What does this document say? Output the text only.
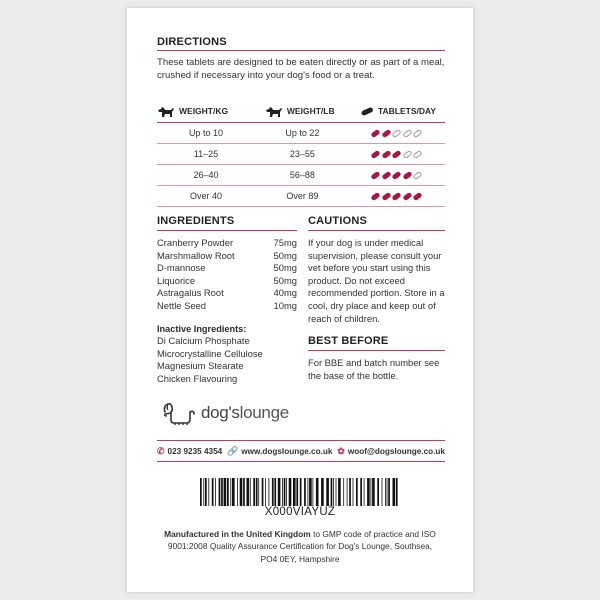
DIRECTIONS
These tablets are designed to be eaten directly or as part of a meal, crushed if necessary into your dog's food or a treat.
WEIGHT/KG	WEIGHT/LB	TABLETS/DAY

Up to 10	Up to 22	
11–25	23–55	
26–40	56–88	
Over 40	Over 89	
INGREDIENTS
Cranberry Powder	75mg
Marshmallow Root	50mg
D-mannose	50mg
Liquorice	50mg
Astragalus Root	40mg
Nettle Seed	10mg
Inactive Ingredients:
Di Calcium Phosphate
Microcrystalline Cellulose
Magnesium Stearate
Chicken Flavouring
CAUTIONS
If your dog is under medical supervision, please consult your vet before you start using this product. Do not exceed recommended portion. Store in a cool, dry place and keep out of reach of children.
BEST BEFORE
For BBE and batch number see the base of the bottle.
dog'slounge
✆ 023 9235 4354 🔗 www.dogslounge.co.uk ✿ woof@dogslounge.co.uk
X000VIAYUZ
Manufactured in the United Kingdom to GMP code of practice and ISO 9001:2008 Quality Assurance Certification for Dog's Lounge, Southsea, PO4 0EY, Hampshire
